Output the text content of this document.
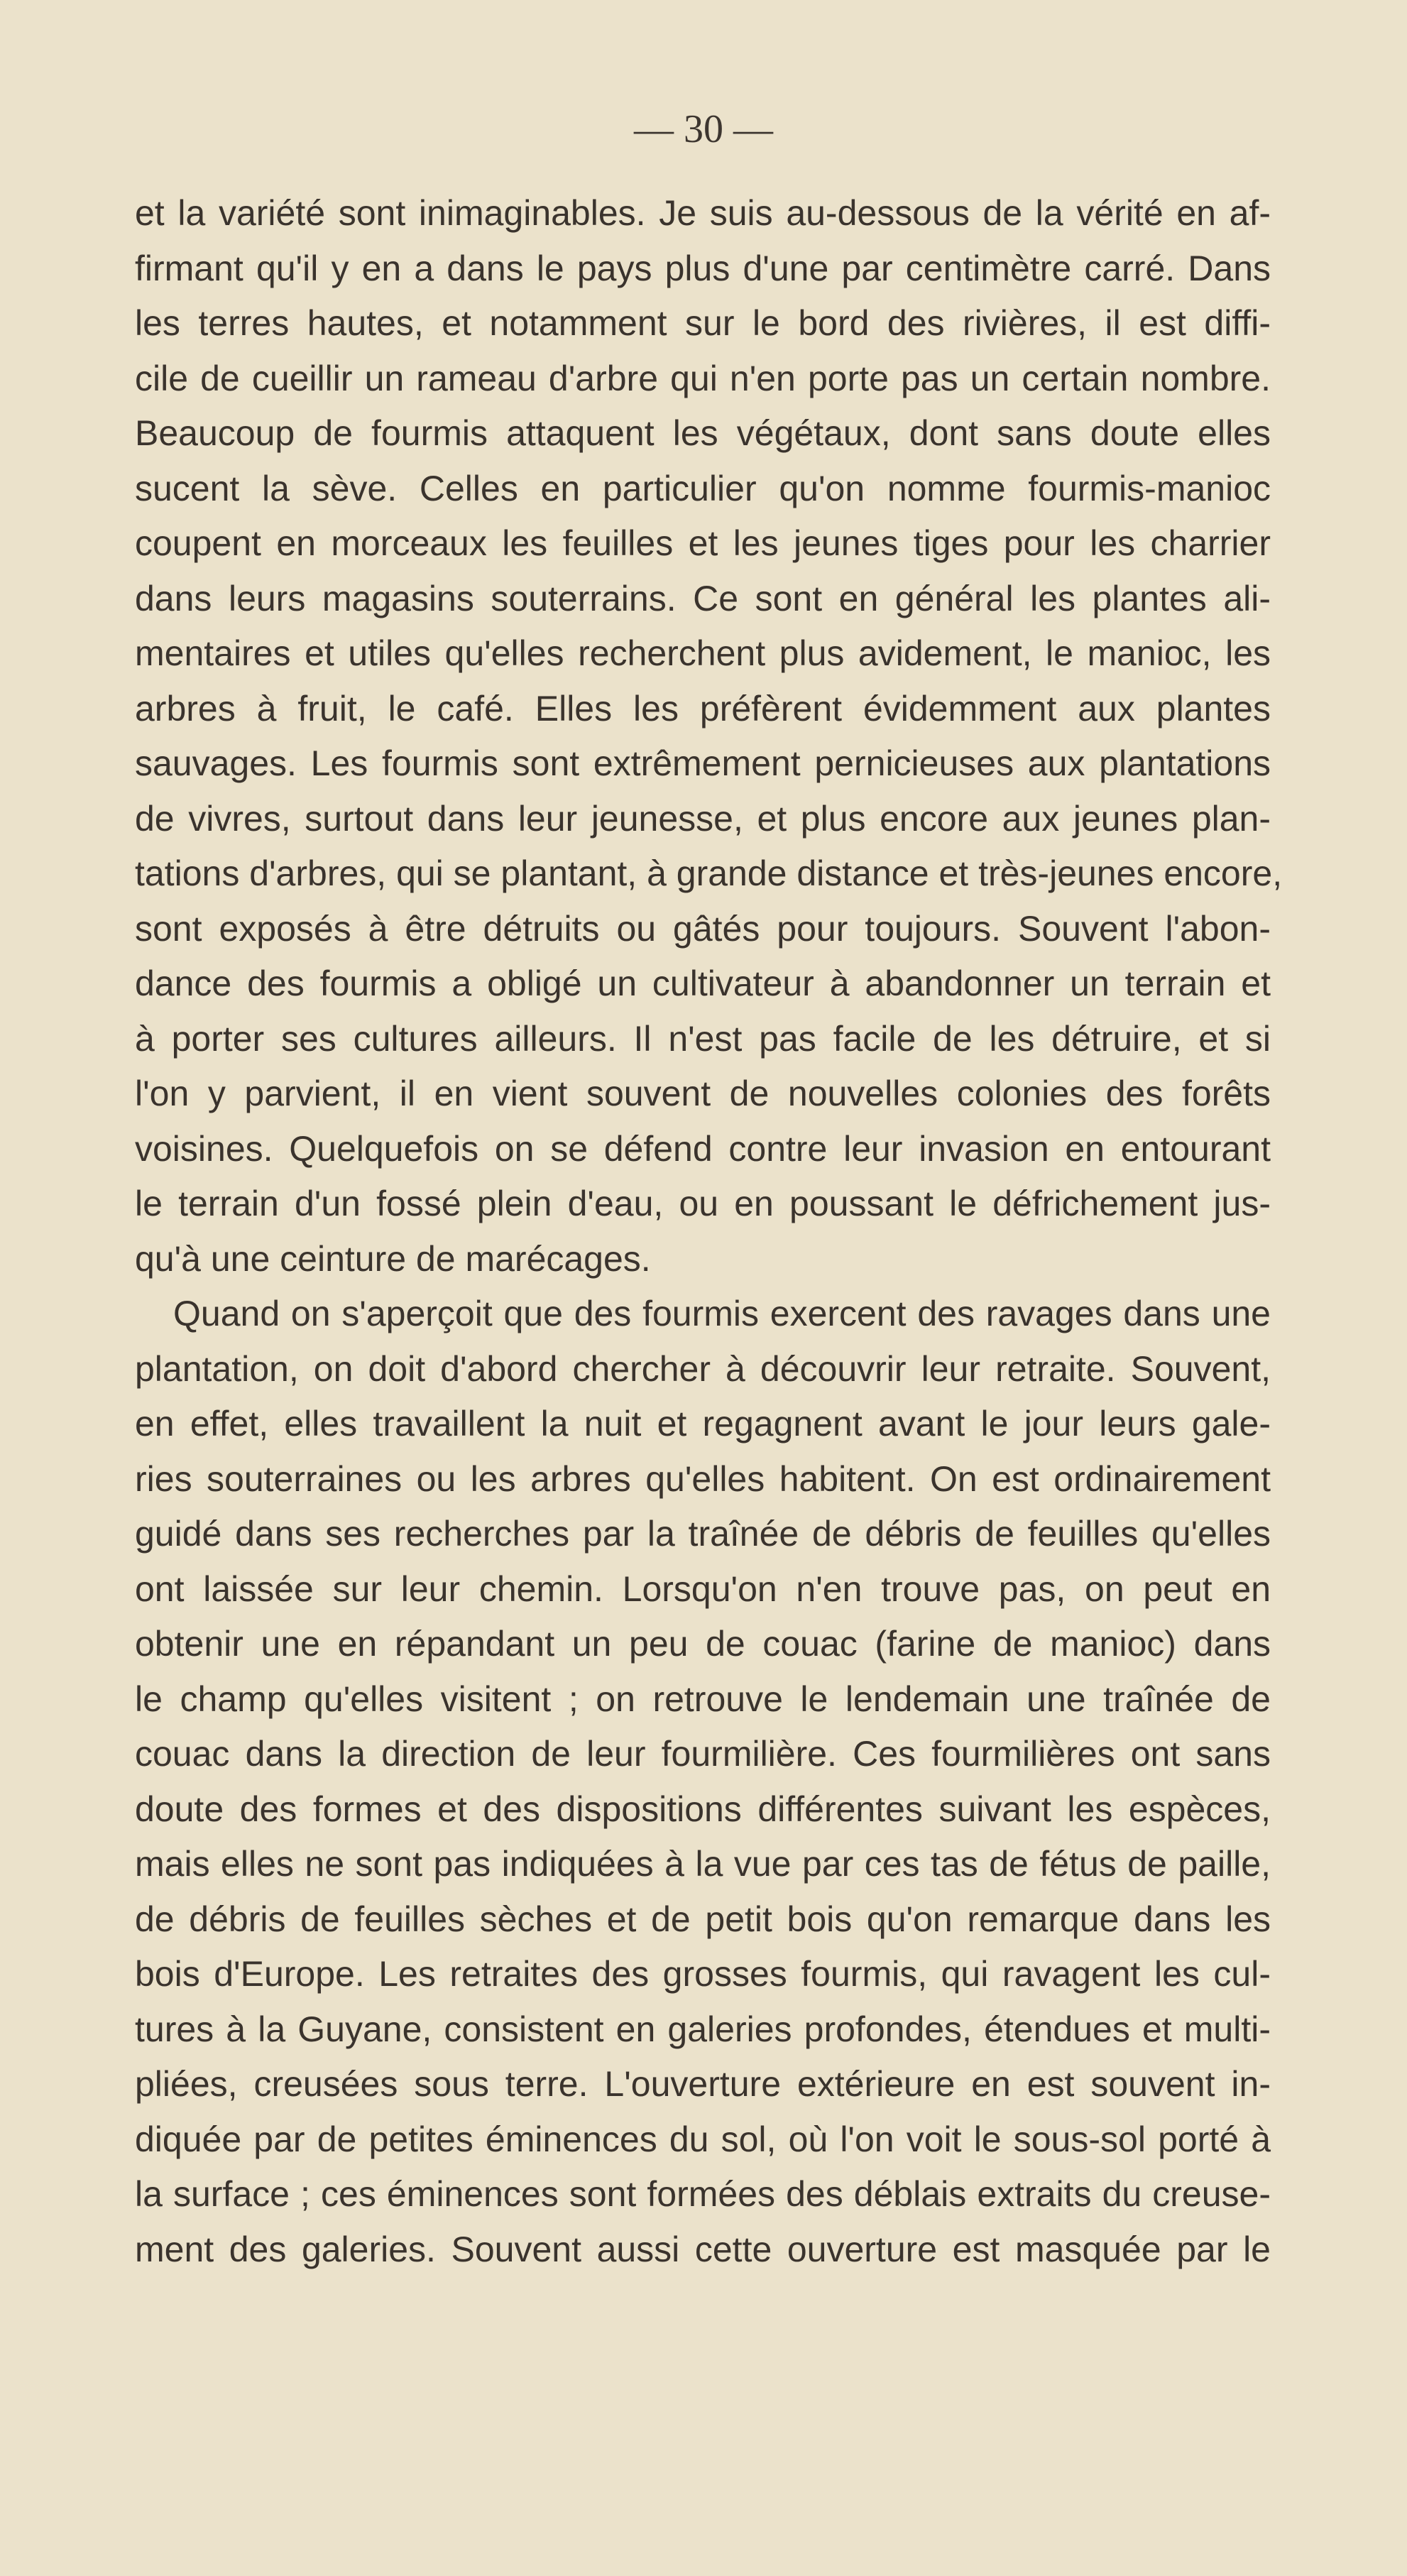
— 30 —
et la variété sont inimaginables. Je suis au-dessous de la vérité en af-
firmant qu'il y en a dans le pays plus d'une par centimètre carré. Dans
les terres hautes, et notamment sur le bord des rivières, il est diffi-
cile de cueillir un rameau d'arbre qui n'en porte pas un certain nombre.
Beaucoup de fourmis attaquent les végétaux, dont sans doute elles
sucent la sève. Celles en particulier qu'on nomme fourmis-manioc
coupent en morceaux les feuilles et les jeunes tiges pour les charrier
dans leurs magasins souterrains. Ce sont en général les plantes ali-
mentaires et utiles qu'elles recherchent plus avidement, le manioc, les
arbres à fruit, le café. Elles les préfèrent évidemment aux plantes
sauvages. Les fourmis sont extrêmement pernicieuses aux plantations
de vivres, surtout dans leur jeunesse, et plus encore aux jeunes plan-
tations d'arbres, qui se plantant, à grande distance et très-jeunes encore,
sont exposés à être détruits ou gâtés pour toujours. Souvent l'abon-
dance des fourmis a obligé un cultivateur à abandonner un terrain et
à porter ses cultures ailleurs. Il n'est pas facile de les détruire, et si
l'on y parvient, il en vient souvent de nouvelles colonies des forêts
voisines. Quelquefois on se défend contre leur invasion en entourant
le terrain d'un fossé plein d'eau, ou en poussant le défrichement jus-
qu'à une ceinture de marécages.
Quand on s'aperçoit que des fourmis exercent des ravages dans une
plantation, on doit d'abord chercher à découvrir leur retraite. Souvent,
en effet, elles travaillent la nuit et regagnent avant le jour leurs gale-
ries souterraines ou les arbres qu'elles habitent. On est ordinairement
guidé dans ses recherches par la traînée de débris de feuilles qu'elles
ont laissée sur leur chemin. Lorsqu'on n'en trouve pas, on peut en
obtenir une en répandant un peu de couac (farine de manioc) dans
le champ qu'elles visitent ; on retrouve le lendemain une traînée de
couac dans la direction de leur fourmilière. Ces fourmilières ont sans
doute des formes et des dispositions différentes suivant les espèces,
mais elles ne sont pas indiquées à la vue par ces tas de fétus de paille,
de débris de feuilles sèches et de petit bois qu'on remarque dans les
bois d'Europe. Les retraites des grosses fourmis, qui ravagent les cul-
tures à la Guyane, consistent en galeries profondes, étendues et multi-
pliées, creusées sous terre. L'ouverture extérieure en est souvent in-
diquée par de petites éminences du sol, où l'on voit le sous-sol porté à
la surface ; ces éminences sont formées des déblais extraits du creuse-
ment des galeries. Souvent aussi cette ouverture est masquée par le
